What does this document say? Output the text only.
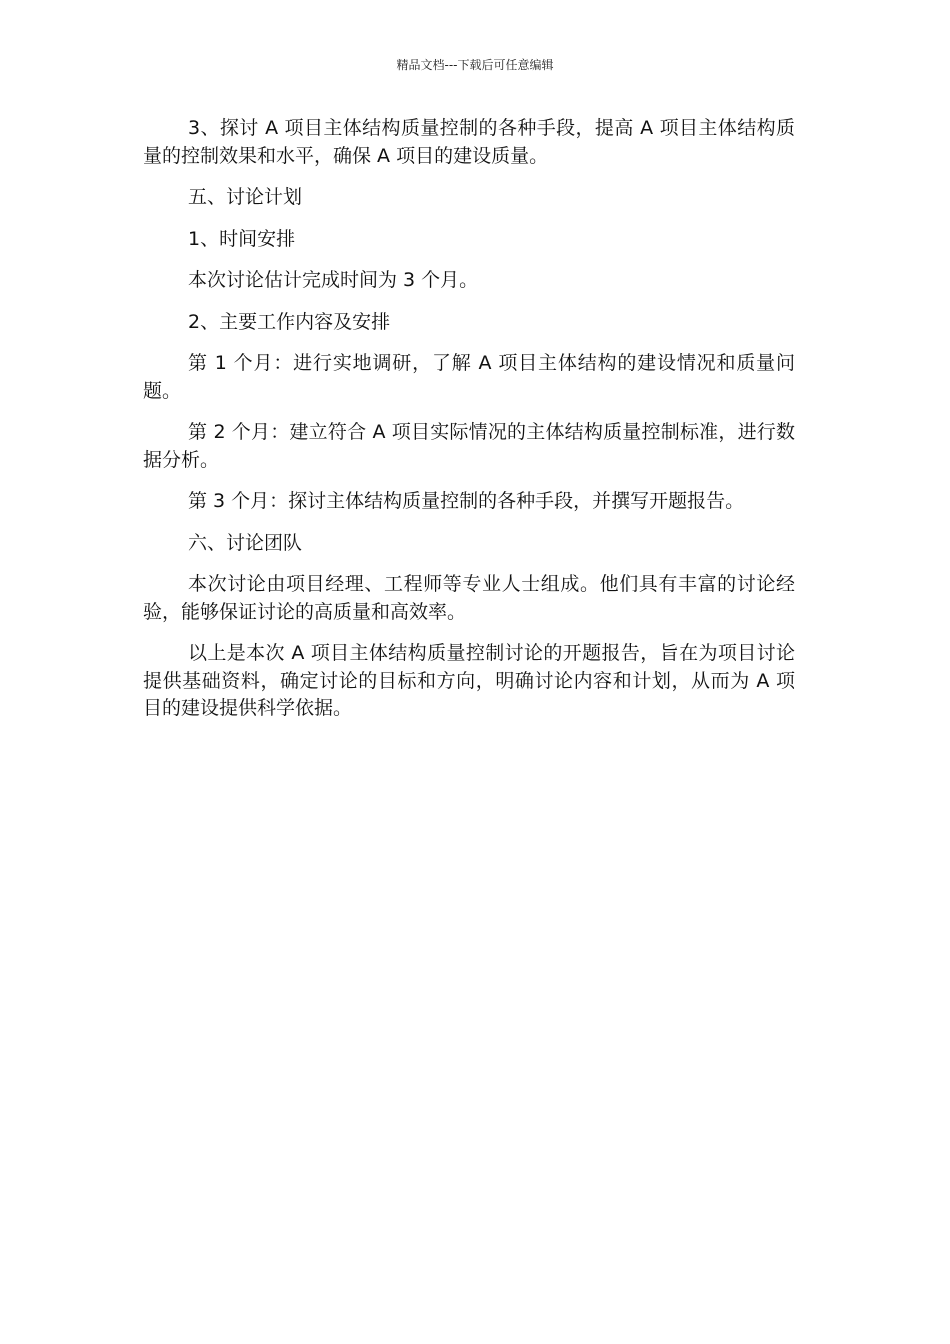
精品文档---下载后可任意编辑

3、探讨 A 项目主体结构质量控制的各种手段，提高 A 项目主体结构质量的控制效果和水平，确保 A 项目的建设质量。

五、讨论计划

1、时间安排

本次讨论估计完成时间为 3 个月。

2、主要工作内容及安排

第 1 个月：进行实地调研，了解 A 项目主体结构的建设情况和质量问题。

第 2 个月：建立符合 A 项目实际情况的主体结构质量控制标准，进行数据分析。

第 3 个月：探讨主体结构质量控制的各种手段，并撰写开题报告。

六、讨论团队

本次讨论由项目经理、工程师等专业人士组成。他们具有丰富的讨论经验，能够保证讨论的高质量和高效率。

以上是本次 A 项目主体结构质量控制讨论的开题报告，旨在为项目讨论提供基础资料，确定讨论的目标和方向，明确讨论内容和计划，从而为 A 项目的建设提供科学依据。
